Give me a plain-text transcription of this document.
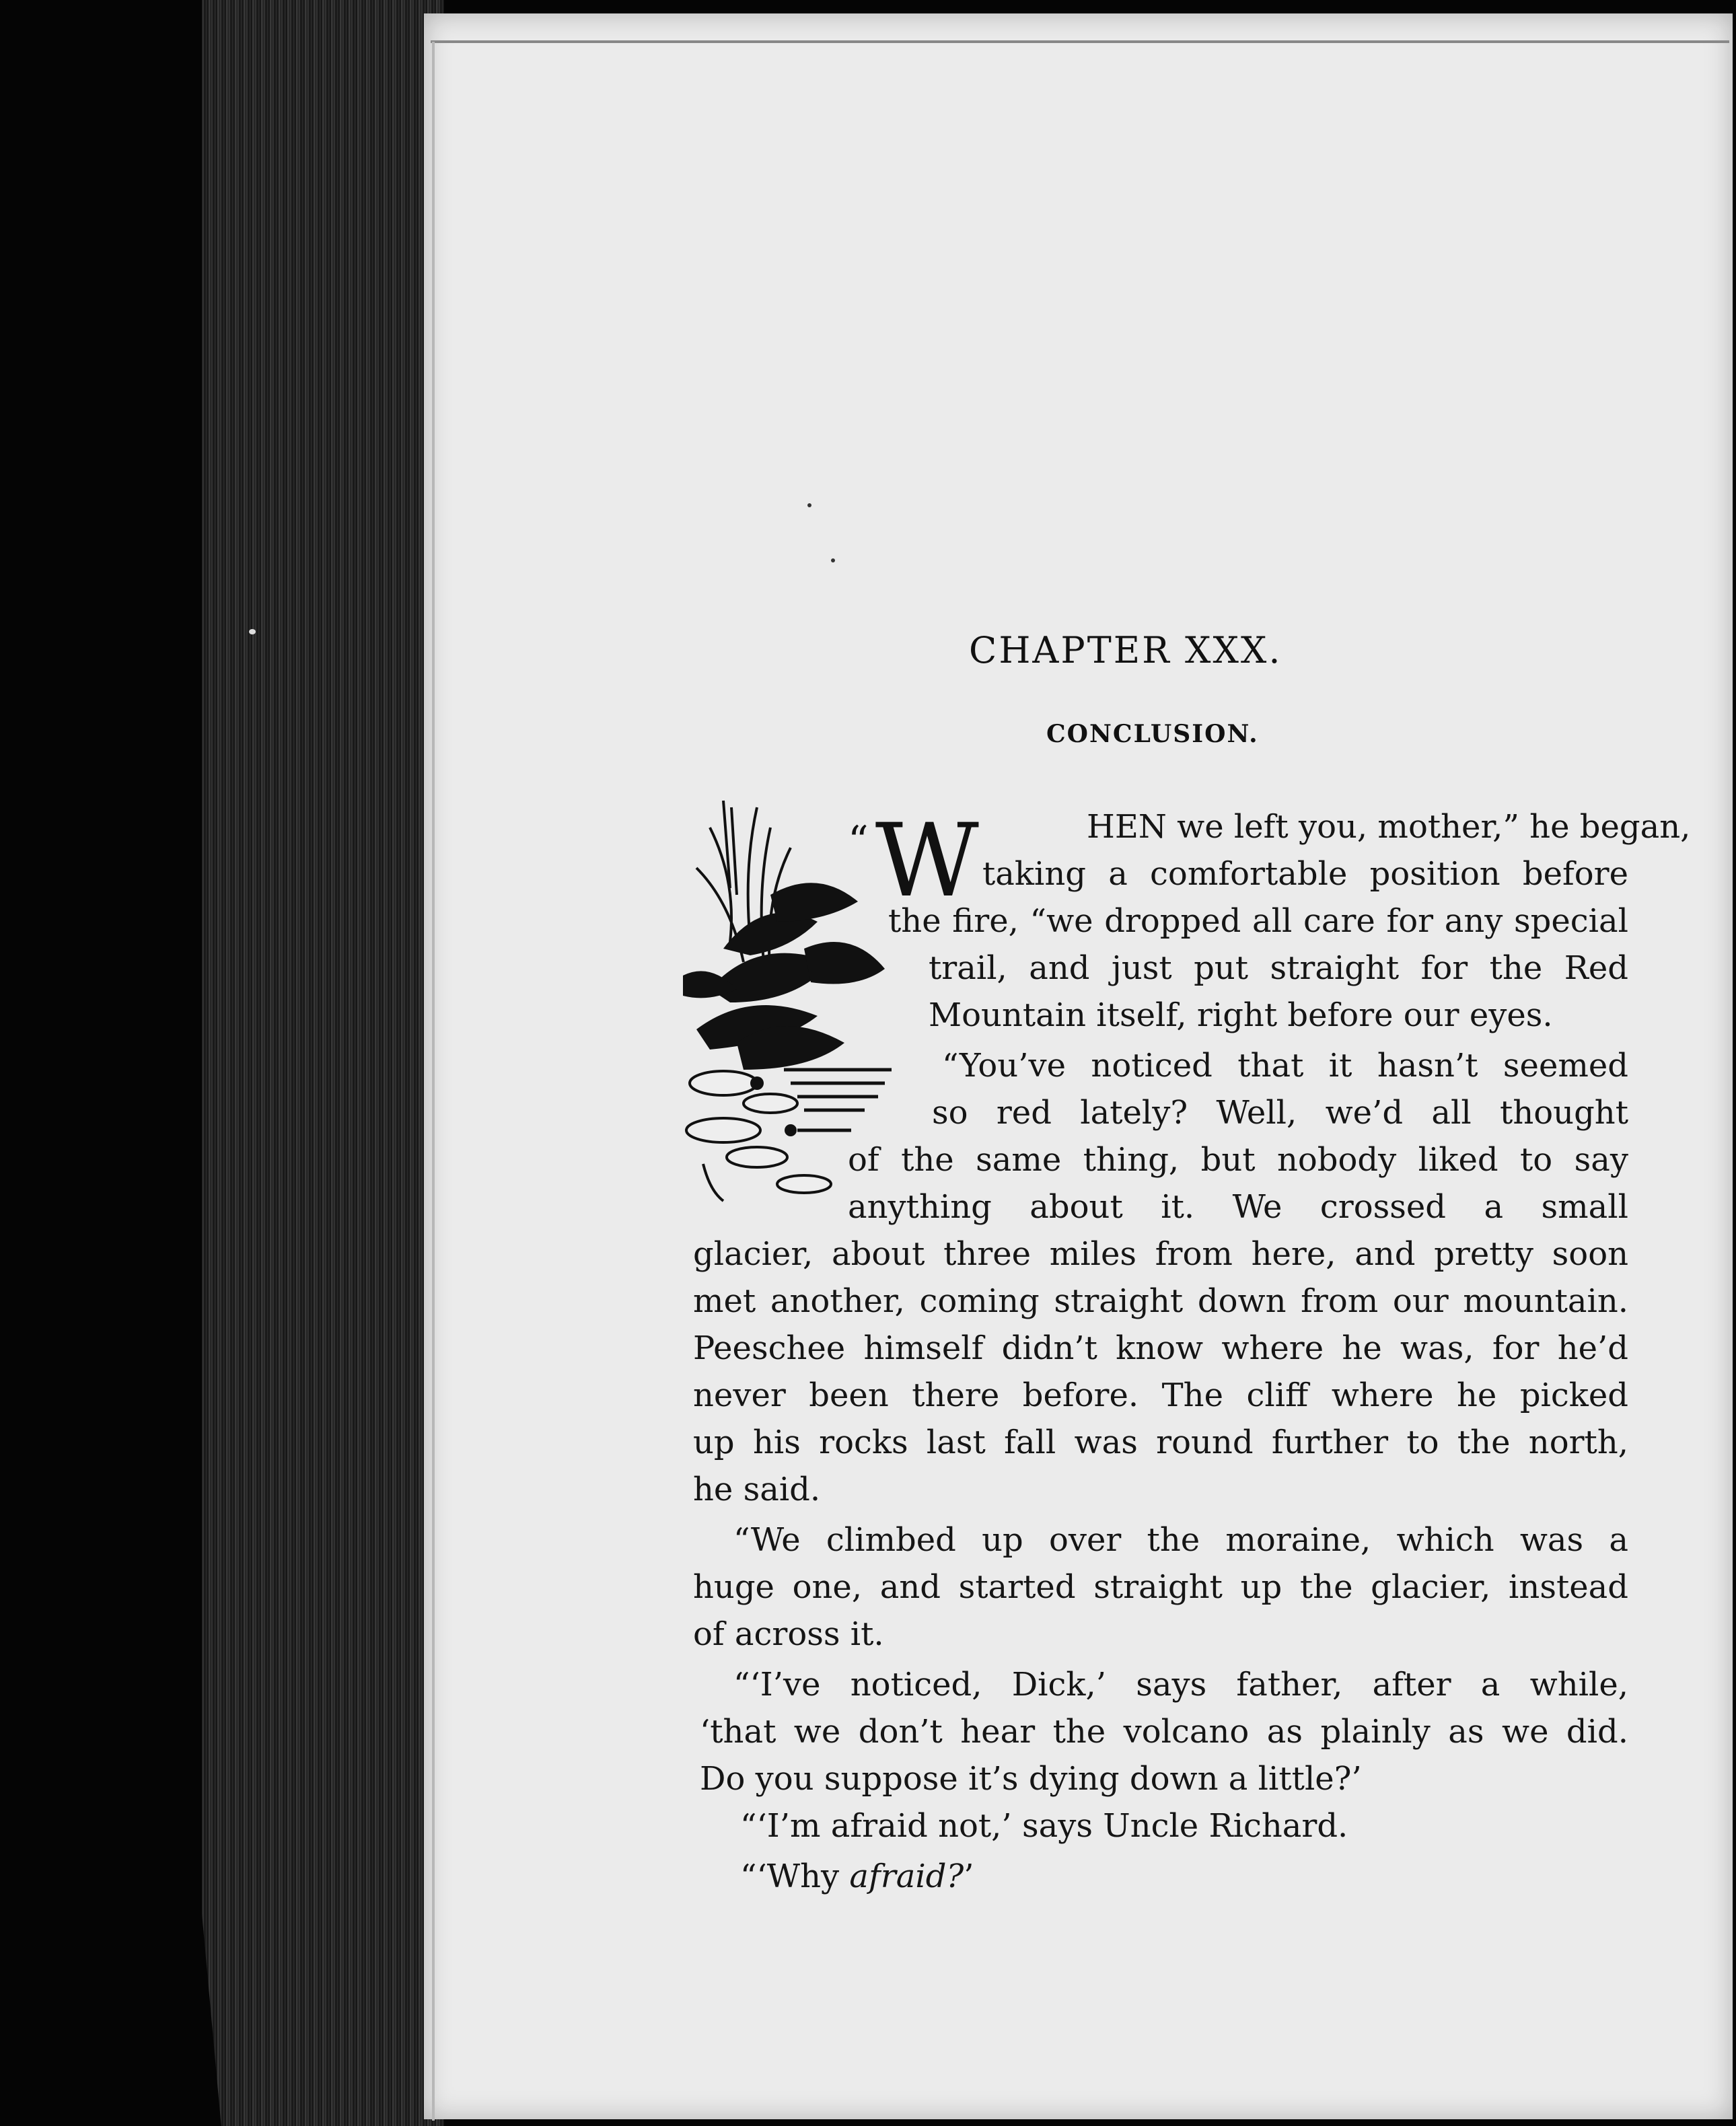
CHAPTER XXX.
CONCLUSION.
“W	HEN we left you, mother,” he began,
taking a comfortable position before
the fire, “we dropped all care for any special
trail, and just put straight for the Red
Mountain itself, right before our eyes.
“You’ve noticed that it hasn’t seemed
so red lately? Well, we’d all thought
of the same thing, but nobody liked to say
anything about it. We crossed a small
glacier, about three miles from here, and pretty soon
met another, coming straight down from our mountain.
Peeschee himself didn’t know where he was, for he’d
never been there before. The cliff where he picked
up his rocks last fall was round further to the north,
he said.
“We climbed up over the moraine, which was a
huge one, and started straight up the glacier, instead
of across it.
“‘I’ve noticed, Dick,’ says father, after a while,
‘that we don’t hear the volcano as plainly as we did.
Do you suppose it’s dying down a little?’
“‘I’m afraid not,’ says Uncle Richard.
“‘Why afraid?’
